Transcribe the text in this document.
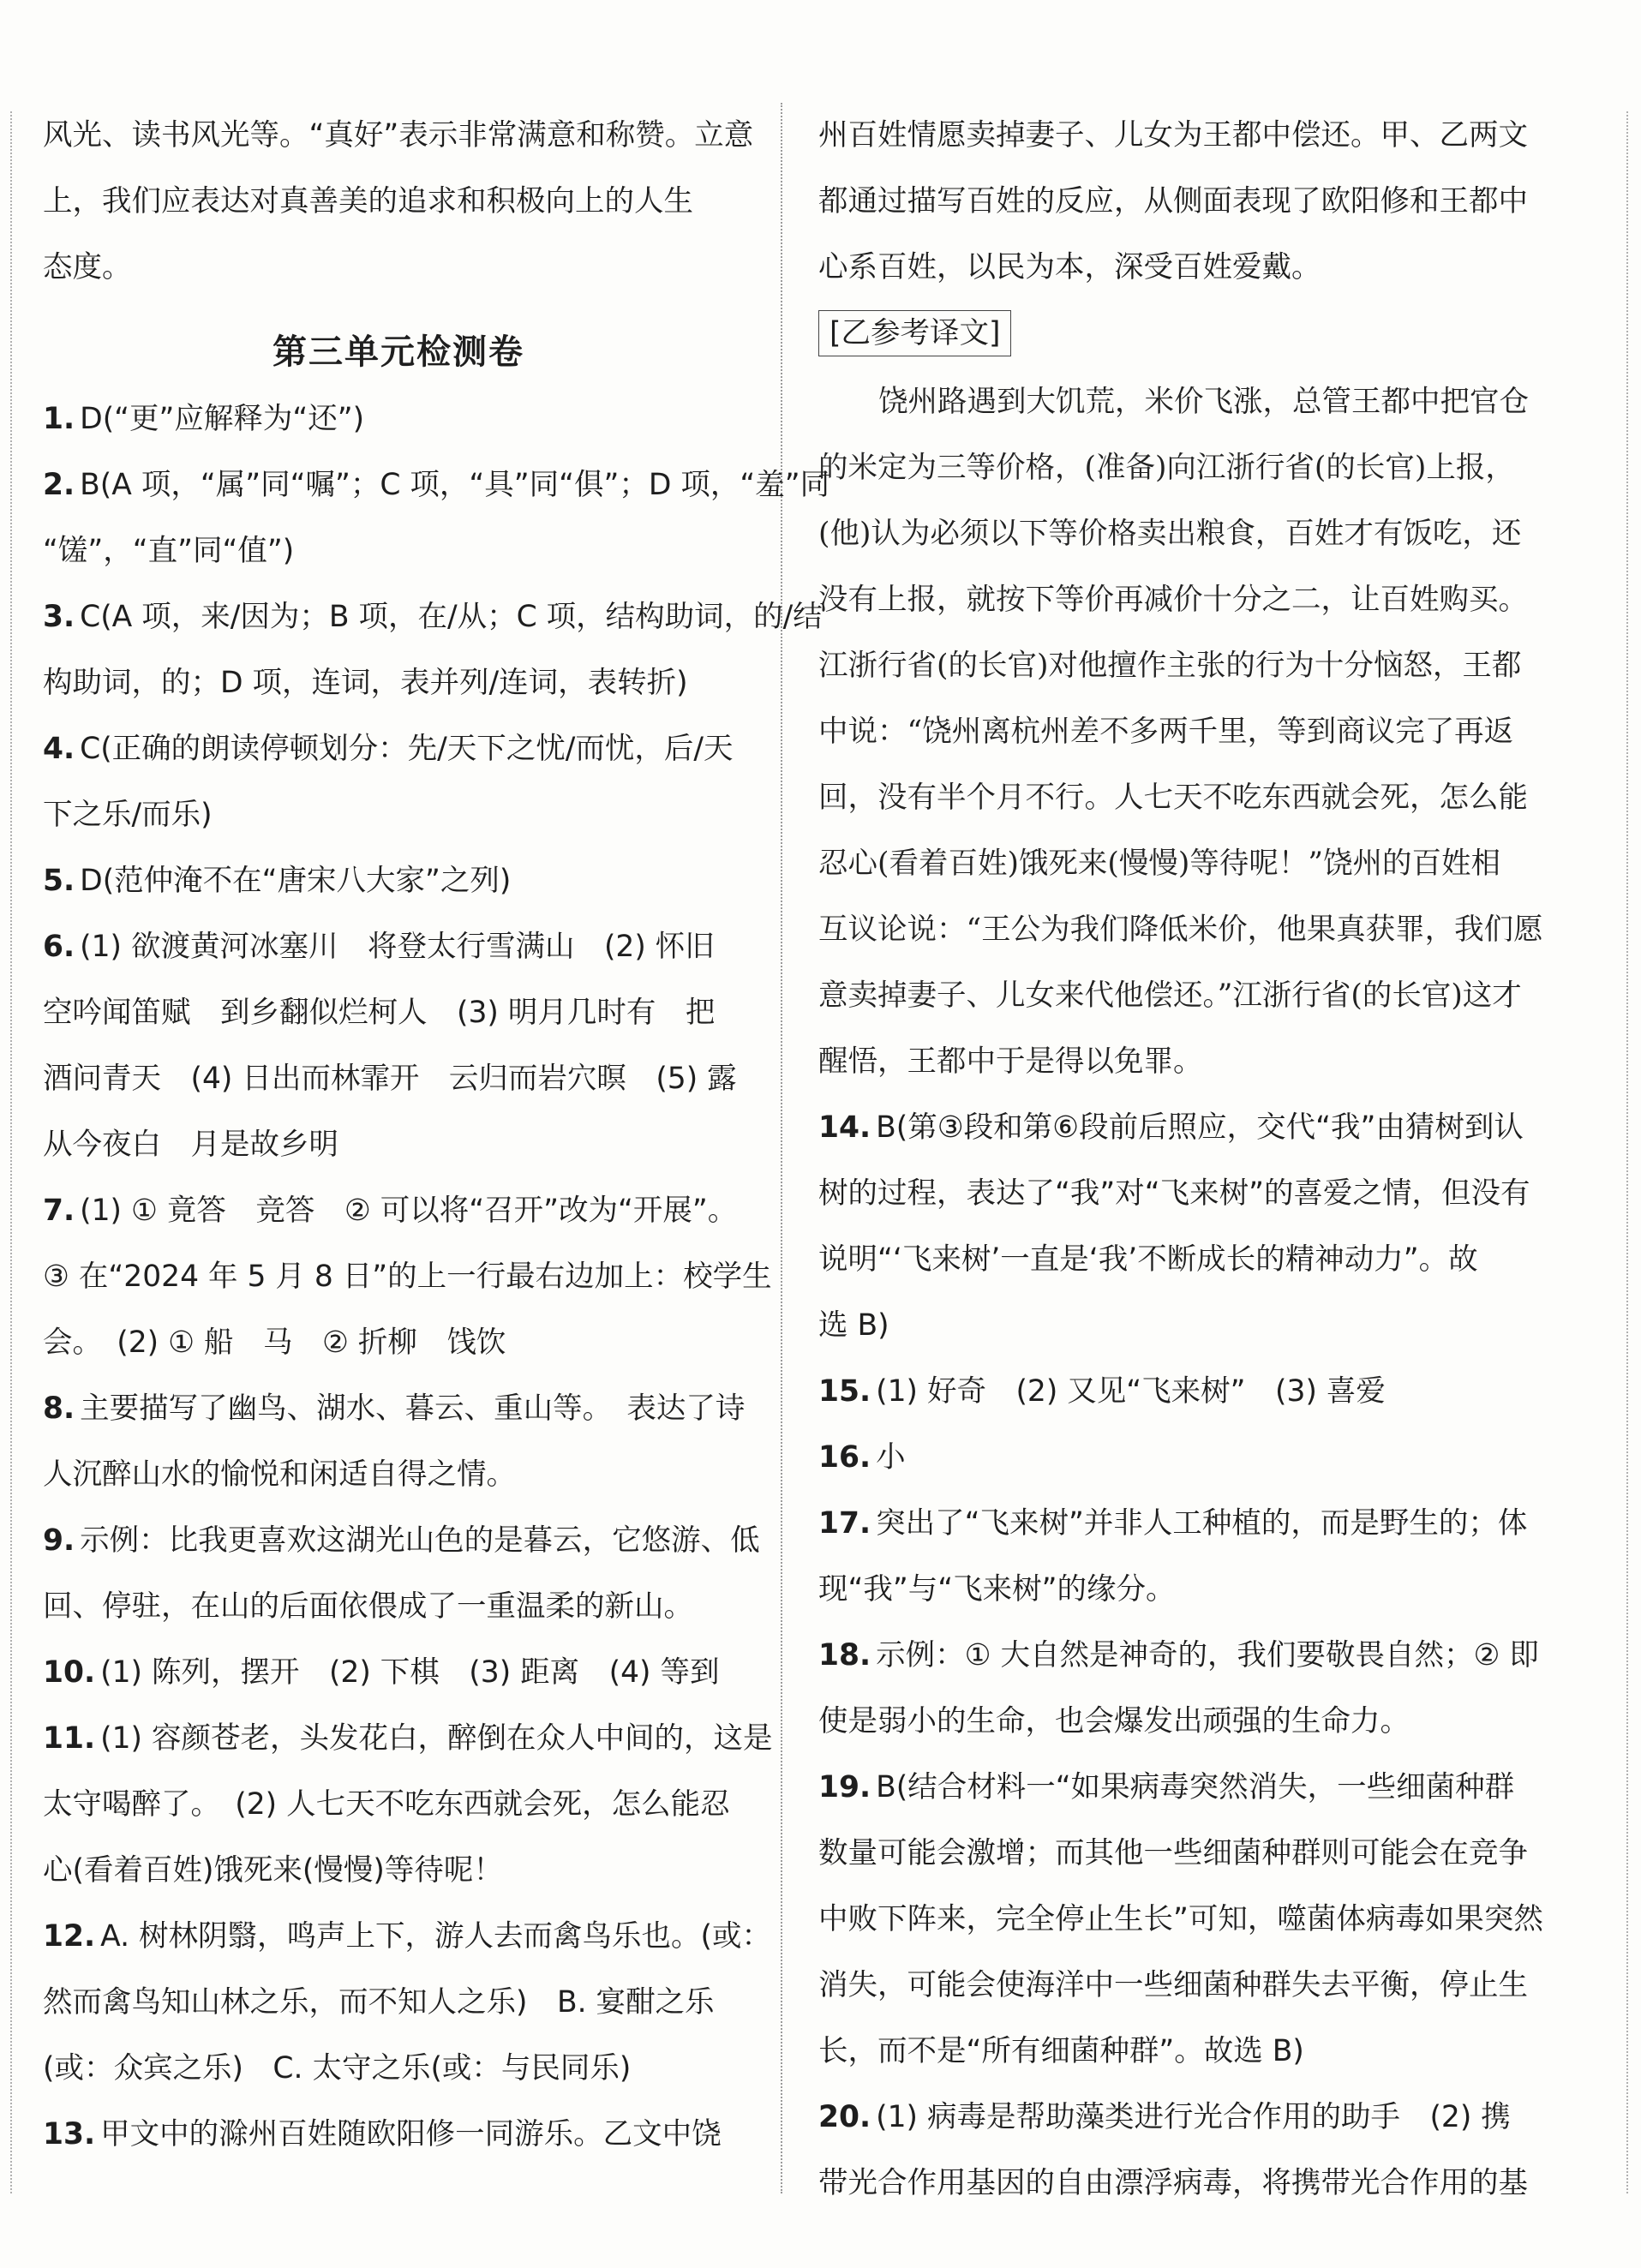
风光、读书风光等。“真好”表示非常满意和称赞。立意
上，我们应表达对真善美的追求和积极向上的人生
态度。
第三单元检测卷
1. D(“更”应解释为“还”)
2. B(A 项，“属”同“嘱”；C 项，“具”同“俱”；D 项，“羞”同
“馐”，“直”同“值”)
3. C(A 项，来/因为；B 项，在/从；C 项，结构助词，的/结
构助词，的；D 项，连词，表并列/连词，表转折)
4. C(正确的朗读停顿划分：先/天下之忧/而忧，后/天
下之乐/而乐)
5. D(范仲淹不在“唐宋八大家”之列)
6. (1) 欲渡黄河冰塞川　将登太行雪满山　(2) 怀旧
空吟闻笛赋　到乡翻似烂柯人　(3) 明月几时有　把
酒问青天　(4) 日出而林霏开　云归而岩穴暝　(5) 露
从今夜白　月是故乡明
7. (1) ① 竟答　竞答　② 可以将“召开”改为“开展”。
③ 在“2024 年 5 月 8 日”的上一行最右边加上：校学生
会。　(2) ① 船　马　② 折柳　饯饮
8. 主要描写了幽鸟、湖水、暮云、重山等。　表达了诗
人沉醉山水的愉悦和闲适自得之情。
9. 示例：比我更喜欢这湖光山色的是暮云，它悠游、低
回、停驻，在山的后面依偎成了一重温柔的新山。
10. (1) 陈列，摆开　(2) 下棋　(3) 距离　(4) 等到
11. (1) 容颜苍老，头发花白，醉倒在众人中间的，这是
太守喝醉了。　(2) 人七天不吃东西就会死，怎么能忍
心(看着百姓)饿死来(慢慢)等待呢！
12. A. 树林阴翳，鸣声上下，游人去而禽鸟乐也。(或：
然而禽鸟知山林之乐，而不知人之乐)　B. 宴酣之乐
(或：众宾之乐)　C. 太守之乐(或：与民同乐)
13. 甲文中的滁州百姓随欧阳修一同游乐。乙文中饶
州百姓情愿卖掉妻子、儿女为王都中偿还。甲、乙两文
都通过描写百姓的反应，从侧面表现了欧阳修和王都中
心系百姓，以民为本，深受百姓爱戴。
[乙参考译文]
饶州路遇到大饥荒，米价飞涨，总管王都中把官仓
的米定为三等价格，(准备)向江浙行省(的长官)上报，
(他)认为必须以下等价格卖出粮食，百姓才有饭吃，还
没有上报，就按下等价再减价十分之二，让百姓购买。
江浙行省(的长官)对他擅作主张的行为十分恼怒，王都
中说：“饶州离杭州差不多两千里，等到商议完了再返
回，没有半个月不行。人七天不吃东西就会死，怎么能
忍心(看着百姓)饿死来(慢慢)等待呢！”饶州的百姓相
互议论说：“王公为我们降低米价，他果真获罪，我们愿
意卖掉妻子、儿女来代他偿还。”江浙行省(的长官)这才
醒悟，王都中于是得以免罪。
14. B(第③段和第⑥段前后照应，交代“我”由猜树到认
树的过程，表达了“我”对“飞来树”的喜爱之情，但没有
说明“‘飞来树’一直是‘我’不断成长的精神动力”。故
选 B)
15. (1) 好奇　(2) 又见“飞来树”　(3) 喜爱
16. 小
17. 突出了“飞来树”并非人工种植的，而是野生的；体
现“我”与“飞来树”的缘分。
18. 示例：① 大自然是神奇的，我们要敬畏自然；② 即
使是弱小的生命，也会爆发出顽强的生命力。
19. B(结合材料一“如果病毒突然消失，一些细菌种群
数量可能会激增；而其他一些细菌种群则可能会在竞争
中败下阵来，完全停止生长”可知，噬菌体病毒如果突然
消失，可能会使海洋中一些细菌种群失去平衡，停止生
长，而不是“所有细菌种群”。故选 B)
20. (1) 病毒是帮助藻类进行光合作用的助手　(2) 携
带光合作用基因的自由漂浮病毒，将携带光合作用的基
